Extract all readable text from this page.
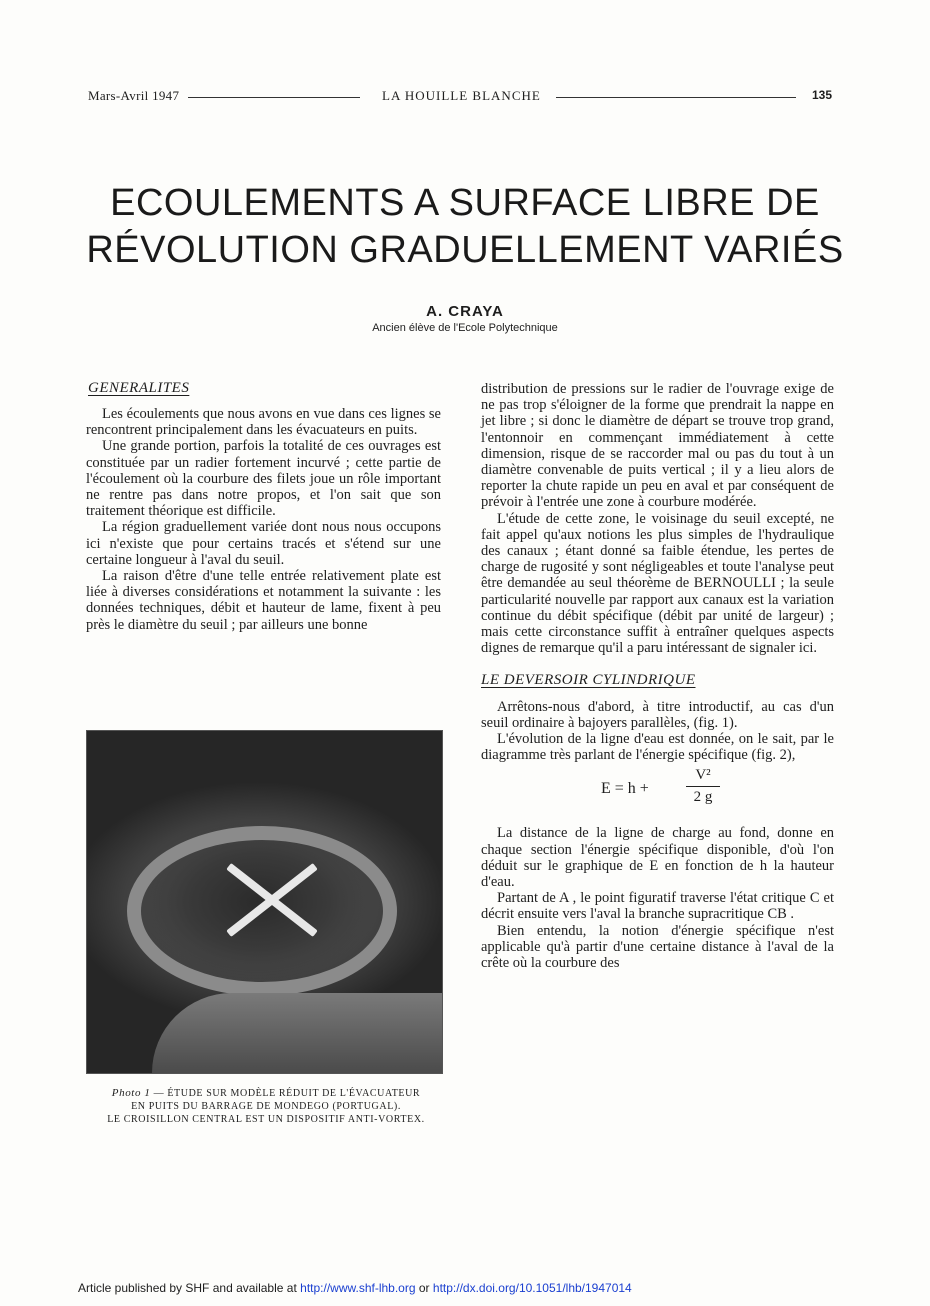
Mars-Avril 1947	LA HOUILLE BLANCHE	135
ECOULEMENTS A SURFACE LIBRE DE
RÉVOLUTION GRADUELLEMENT VARIÉS
A. CRAYA
Ancien élève de l'Ecole Polytechnique
GENERALITES

Les écoulements que nous avons en vue dans ces lignes se rencontrent principalement dans les évacuateurs en puits.

Une grande portion, parfois la totalité de ces ouvrages est constituée par un radier fortement incurvé ; cette partie de l'écoulement où la courbure des filets joue un rôle important ne rentre pas dans notre propos, et l'on sait que son traitement théorique est difficile.

La région graduellement variée dont nous nous occupons ici n'existe que pour certains tracés et s'étend sur une certaine longueur à l'aval du seuil.

La raison d'être d'une telle entrée relativement plate est liée à diverses considérations et notamment la suivante : les données techniques, débit et hauteur de lame, fixent à peu près le diamètre du seuil ; par ailleurs une bonne

Photo 1 — ÉTUDE SUR MODÈLE RÉDUIT DE L'ÉVACUATEUR
EN PUITS DU BARRAGE DE MONDEGO (PORTUGAL).
LE CROISILLON CENTRAL EST UN DISPOSITIF ANTI-VORTEX.

distribution de pressions sur le radier de l'ouvrage exige de ne pas trop s'éloigner de la forme que prendrait la nappe en jet libre ; si donc le diamètre de départ se trouve trop grand, l'entonnoir en commençant immédiatement à cette dimension, risque de se raccorder mal ou pas du tout à un diamètre convenable de puits vertical ; il y a lieu alors de reporter la chute rapide un peu en aval et par conséquent de prévoir à l'entrée une zone à courbure modérée.

L'étude de cette zone, le voisinage du seuil excepté, ne fait appel qu'aux notions les plus simples de l'hydraulique des canaux ; étant donné sa faible étendue, les pertes de charge de rugosité y sont négligeables et toute l'analyse peut être demandée au seul théorème de BERNOULLI ; la seule particularité nouvelle par rapport aux canaux est la variation continue du débit spécifique (débit par unité de largeur) ; mais cette circonstance suffit à entraîner quelques aspects dignes de remarque qu'il a paru intéressant de signaler ici.

LE DEVERSOIR CYLINDRIQUE

Arrêtons-nous d'abord, à titre introductif, au cas d'un seuil ordinaire à bajoyers parallèles, (fig. 1).

L'évolution de la ligne d'eau est donnée, on le sait, par le diagramme très parlant de l'énergie spécifique (fig. 2),

$E = h + \frac{\text{V²}}{2 g}$

La distance de la ligne de charge au fond, donne en chaque section l'énergie spécifique disponible, d'où l'on déduit sur le graphique de E en fonction de h la hauteur d'eau.

Partant de A , le point figuratif traverse l'état critique C et décrit ensuite vers l'aval la branche supracritique CB .

Bien entendu, la notion d'énergie spécifique n'est applicable qu'à partir d'une certaine distance à l'aval de la crête où la courbure des

Article published by SHF and available at http://www.shf-lhb.org or http://dx.doi.org/10.1051/lhb/1947014
